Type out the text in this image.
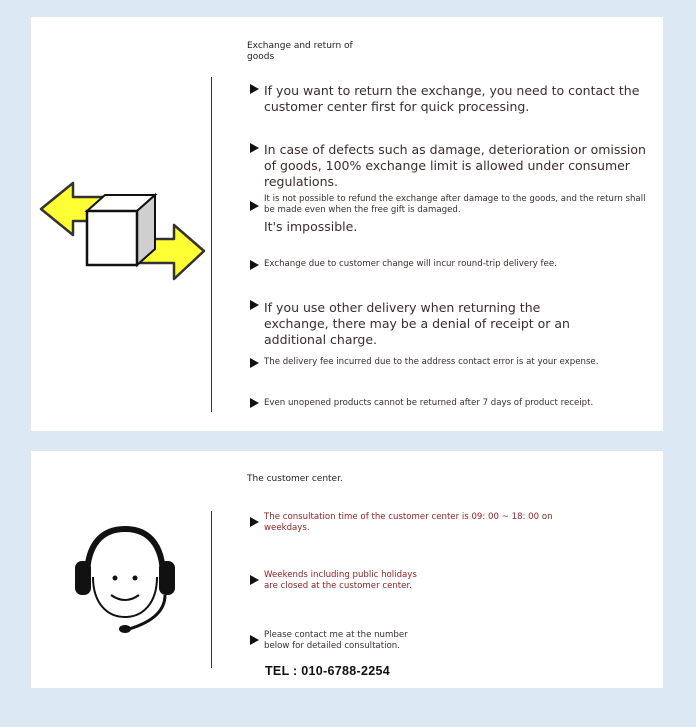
Exchange and return of goods
If you want to return the exchange, you need to contact the customer center first for quick processing.
In case of defects such as damage, deterioration or omission of goods, 100% exchange limit is allowed under consumer regulations.
It is not possible to refund the exchange after damage to the goods, and the return shall be made even when the free gift is damaged.
It's impossible.
Exchange due to customer change will incur round-trip delivery fee.
If you use other delivery when returning the exchange, there may be a denial of receipt or an additional charge.
The delivery fee incurred due to the address contact error is at your expense.
Even unopened products cannot be returned after 7 days of product receipt.
The customer center.
The consultation time of the customer center is 09: 00 ~ 18: 00 on weekdays.
Weekends including public holidays are closed at the customer center.
Please contact me at the number below for detailed consultation.
TEL : 010-6788-2254
